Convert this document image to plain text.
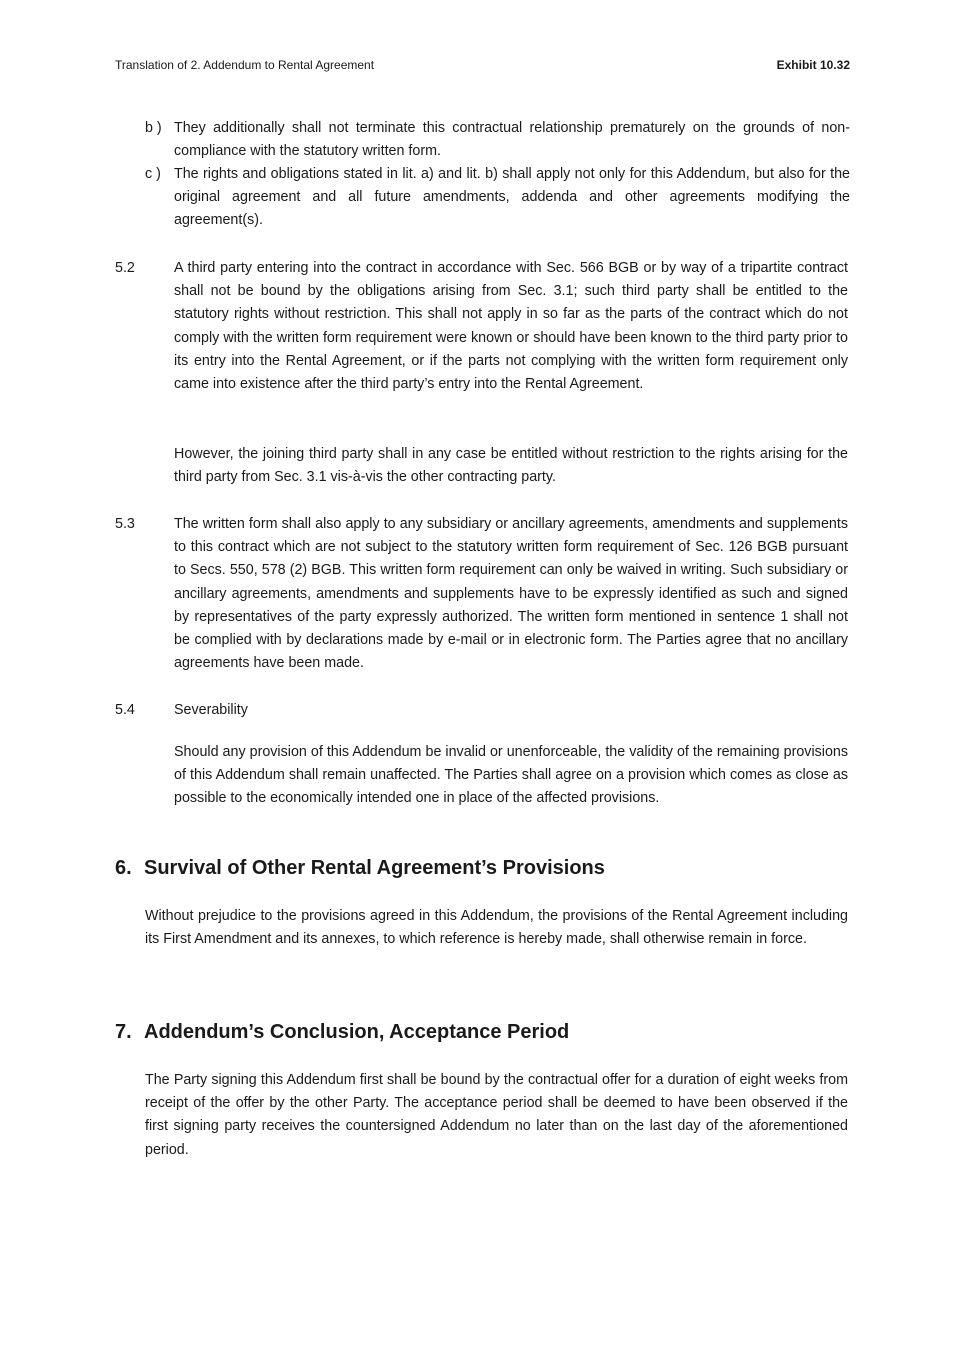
Translation of 2. Addendum to Rental Agreement	Exhibit 10.32
b ) They additionally shall not terminate this contractual relationship prematurely on the grounds of non-compliance with the statutory written form.
c ) The rights and obligations stated in lit. a) and lit. b) shall apply not only for this Addendum, but also for the original agreement and all future amendments, addenda and other agreements modifying the agreement(s).
5.2	A third party entering into the contract in accordance with Sec. 566 BGB or by way of a tripartite contract shall not be bound by the obligations arising from Sec. 3.1; such third party shall be entitled to the statutory rights without restriction. This shall not apply in so far as the parts of the contract which do not comply with the written form requirement were known or should have been known to the third party prior to its entry into the Rental Agreement, or if the parts not complying with the written form requirement only came into existence after the third party’s entry into the Rental Agreement.
However, the joining third party shall in any case be entitled without restriction to the rights arising for the third party from Sec. 3.1 vis-à-vis the other contracting party.
5.3	The written form shall also apply to any subsidiary or ancillary agreements, amendments and supplements to this contract which are not subject to the statutory written form requirement of Sec. 126 BGB pursuant to Secs. 550, 578 (2) BGB. This written form requirement can only be waived in writing. Such subsidiary or ancillary agreements, amendments and supplements have to be expressly identified as such and signed by representatives of the party expressly authorized. The written form mentioned in sentence 1 shall not be complied with by declarations made by e-mail or in electronic form. The Parties agree that no ancillary agreements have been made.
5.4	Severability
Should any provision of this Addendum be invalid or unenforceable, the validity of the remaining provisions of this Addendum shall remain unaffected. The Parties shall agree on a provision which comes as close as possible to the economically intended one in place of the affected provisions.
6. Survival of Other Rental Agreement’s Provisions
Without prejudice to the provisions agreed in this Addendum, the provisions of the Rental Agreement including its First Amendment and its annexes, to which reference is hereby made, shall otherwise remain in force.
7. Addendum’s Conclusion, Acceptance Period
The Party signing this Addendum first shall be bound by the contractual offer for a duration of eight weeks from receipt of the offer by the other Party. The acceptance period shall be deemed to have been observed if the first signing party receives the countersigned Addendum no later than on the last day of the aforementioned period.
